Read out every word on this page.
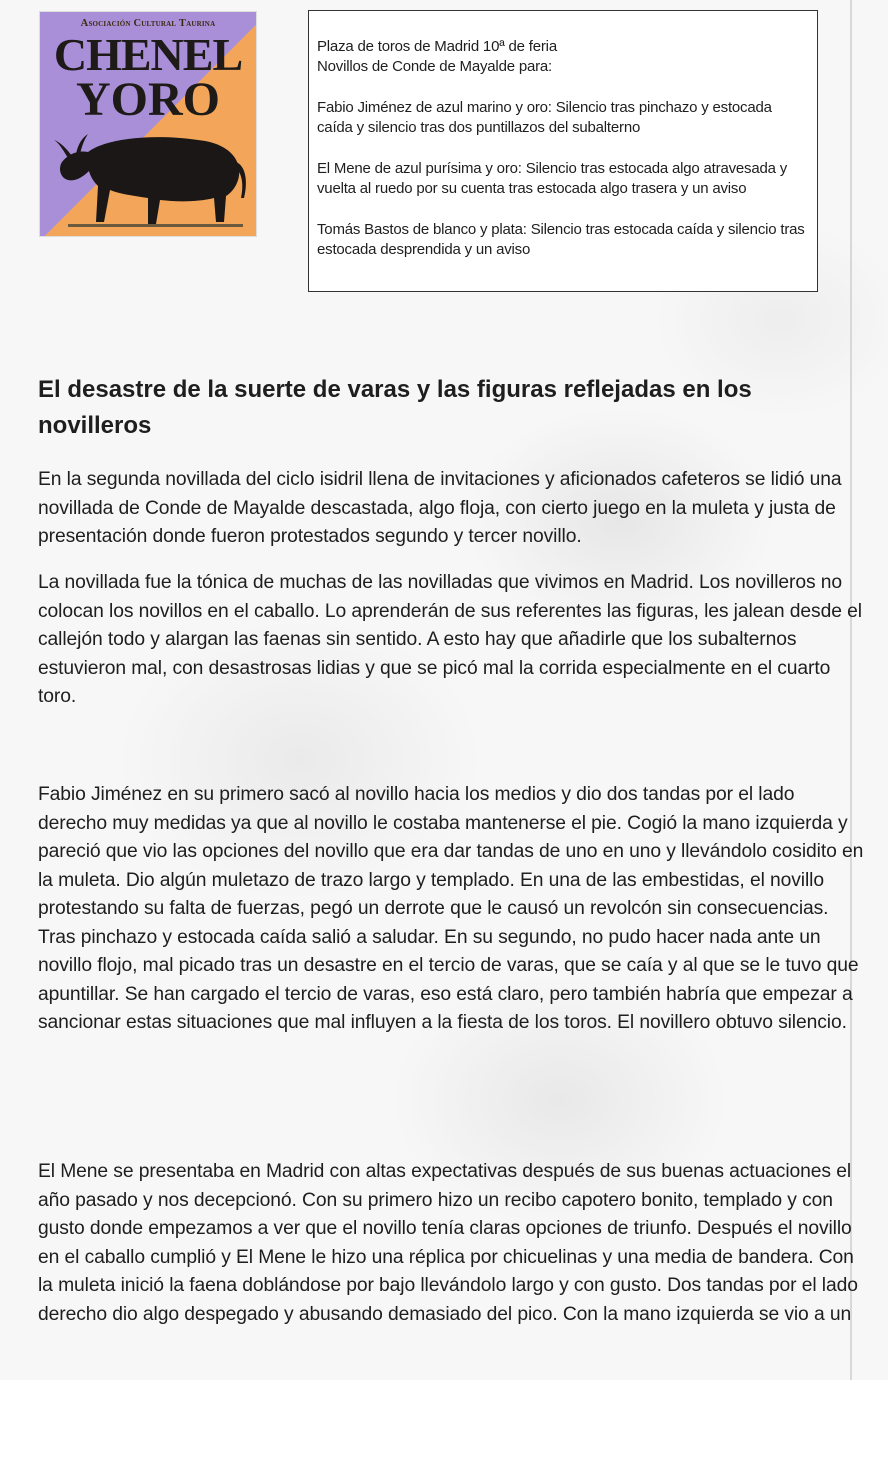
Asociación Cultural Taurina
CHENEL
YORO

Plaza de toros de Madrid 10ª de feria
Novillos de Conde de Mayalde para:

Fabio Jiménez de azul marino y oro: Silencio tras pinchazo y estocada caída y silencio tras dos puntillazos del subalterno

El Mene de azul purísima y oro: Silencio tras estocada algo atravesada y vuelta al ruedo por su cuenta tras estocada algo trasera y un aviso

Tomás Bastos de blanco y plata: Silencio tras estocada caída y silencio tras estocada desprendida y un aviso

El desastre de la suerte de varas y las figuras reflejadas en los novilleros

En la segunda novillada del ciclo isidril llena de invitaciones y aficionados cafeteros se lidió una novillada de Conde de Mayalde descastada, algo floja, con cierto juego en la muleta y justa de presentación donde fueron protestados segundo y tercer novillo.

La novillada fue la tónica de muchas de las novilladas que vivimos en Madrid. Los novilleros no colocan los novillos en el caballo. Lo aprenderán de sus referentes las figuras, les jalean desde el callejón todo y alargan las faenas sin sentido. A esto hay que añadirle que los subalternos estuvieron mal, con desastrosas lidias y que se picó mal la corrida especialmente en el cuarto toro.

Fabio Jiménez en su primero sacó al novillo hacia los medios y dio dos tandas por el lado derecho muy medidas ya que al novillo le costaba mantenerse el pie. Cogió la mano izquierda y pareció que vio las opciones del novillo que era dar tandas de uno en uno y llevándolo cosidito en la muleta. Dio algún muletazo de trazo largo y templado. En una de las embestidas, el novillo protestando su falta de fuerzas, pegó un derrote que le causó un revolcón sin consecuencias. Tras pinchazo y estocada caída salió a saludar. En su segundo, no pudo hacer nada ante un novillo flojo, mal picado tras un desastre en el tercio de varas, que se caía y al que se le tuvo que apuntillar. Se han cargado el tercio de varas, eso está claro, pero también habría que empezar a sancionar estas situaciones que mal influyen a la fiesta de los toros. El novillero obtuvo silencio.

El Mene se presentaba en Madrid con altas expectativas después de sus buenas actuaciones el año pasado y nos decepcionó. Con su primero hizo un recibo capotero bonito, templado y con gusto donde empezamos a ver que el novillo tenía claras opciones de triunfo. Después el novillo en el caballo cumplió y El Mene le hizo una réplica por chicuelinas y una media de bandera. Con la muleta inició la faena doblándose por bajo llevándolo largo y con gusto. Dos tandas por el lado derecho dio algo despegado y abusando demasiado del pico. Con la mano izquierda se vio a un
